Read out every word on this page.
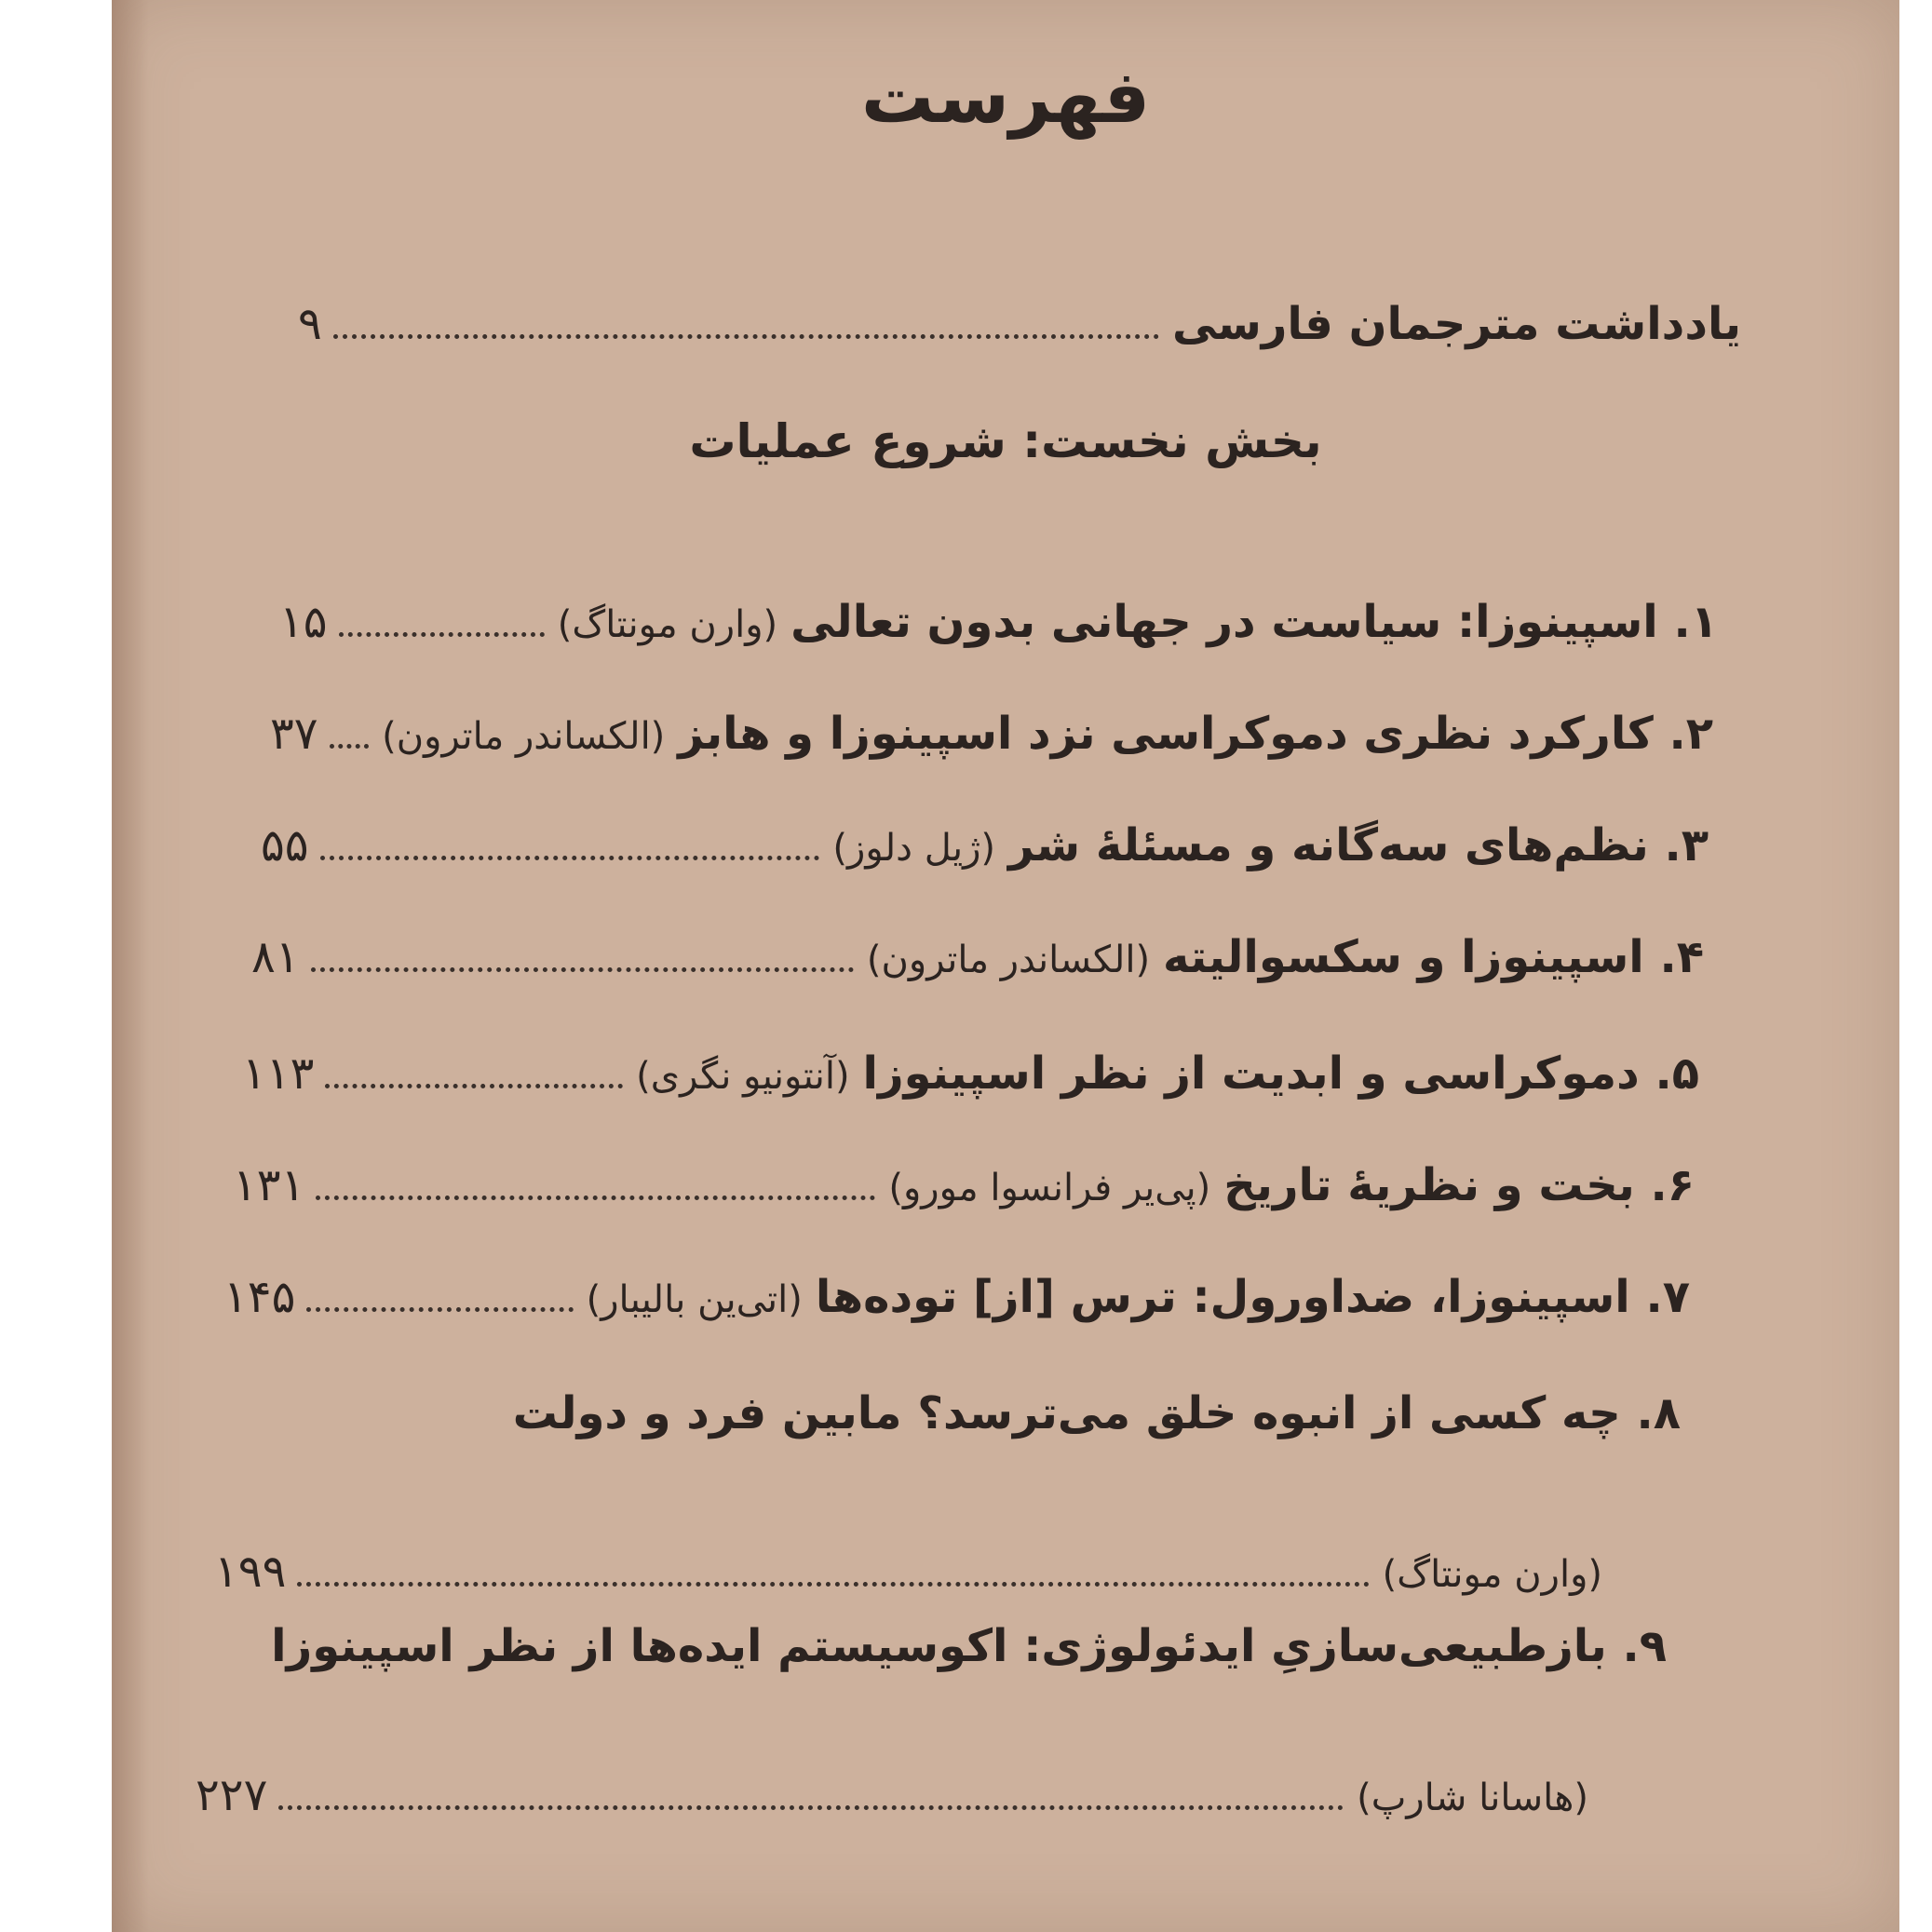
فهرست
يادداشت مترجمان فارسى
۹
بخش نخست: شروع عمليات
۱. اسپينوزا: سياست در جهانى بدون تعالى
(وارن مونتاگ)
۱۵
۲. کارکرد نظرى دموکراسى نزد اسپينوزا و هابز
(الکساندر ماترون)
۳۷
۳. نظم‌هاى سه‌گانه و مسئلۀ شر
(ژيل دلوز)
۵۵
۴. اسپينوزا و سکسواليته
(الکساندر ماترون)
۸۱
۵. دموکراسى و ابديت از نظر اسپينوزا
(آنتونيو نگرى)
۱۱۳
۶. بخت و نظريۀ تاريخ
(پى‌ير فرانسوا مورو)
۱۳۱
۷. اسپينوزا، ضداورول: ترس [از] توده‌ها
(اتى‌ين باليبار)
۱۴۵
۸. چه کسى از انبوه خلق مى‌ترسد؟ مابين فرد و دولت
(وارن مونتاگ)
۱۹۹
۹. بازطبيعى‌سازىِ ايدئولوژى: اکوسيستم ايده‌ها از نظر اسپينوزا
(هاسانا شارپ)
۲۲۷
